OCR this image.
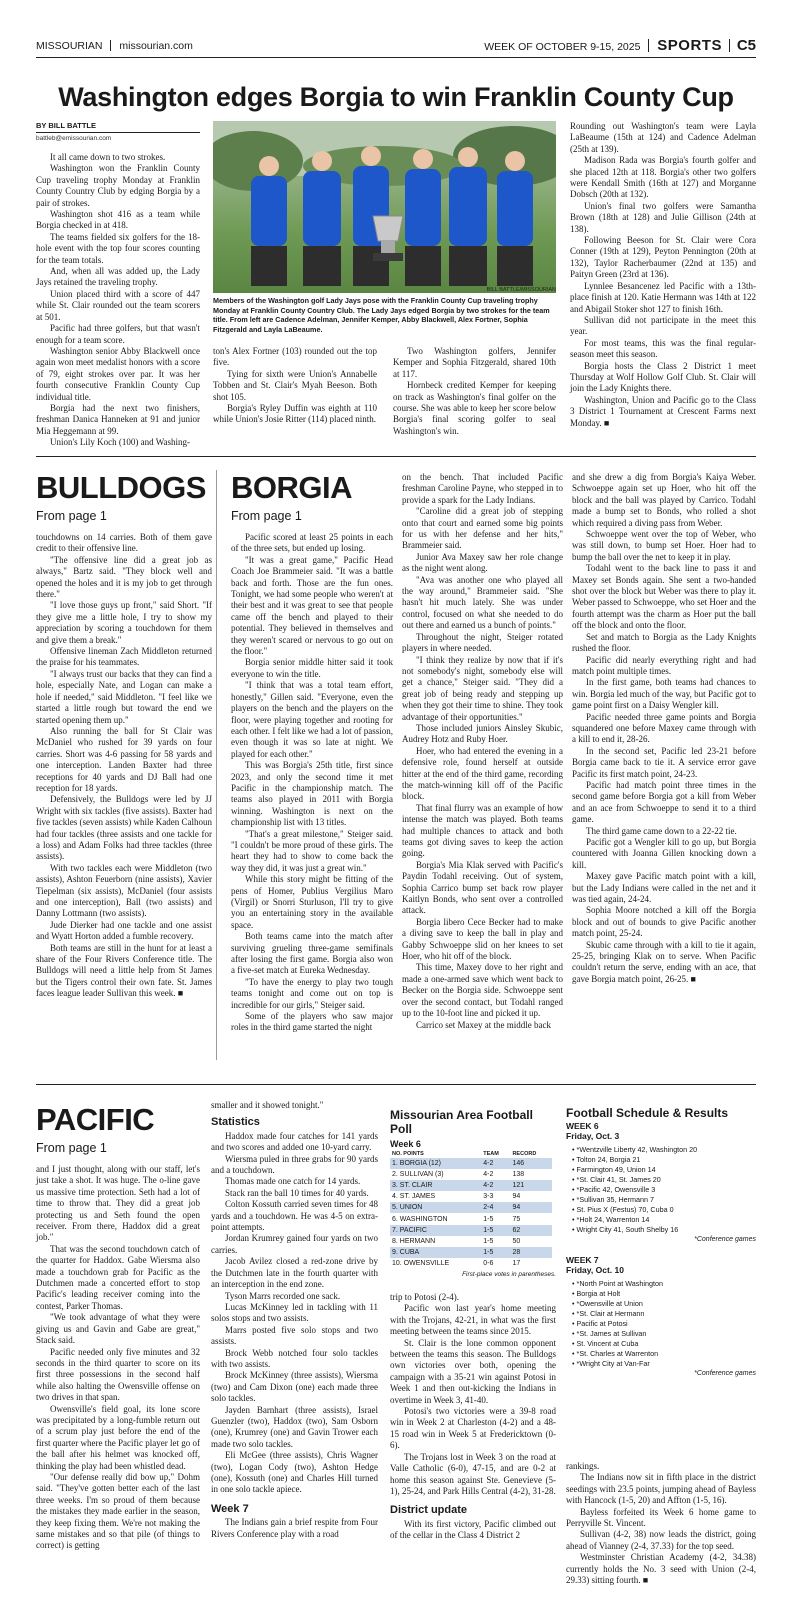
MISSOURIAN missourian.com	WEEK OF OCTOBER 9-15, 2025 SPORTS C5
Washington edges Borgia to win Franklin County Cup
BY BILL BATTLE
battleb@emissourian.com

It all came down to two strokes.

Washington won the Franklin County Cup traveling trophy Monday at Franklin County Country Club by edging Borgia by a pair of strokes.

Washington shot 416 as a team while Borgia checked in at 418.

The teams fielded six golfers for the 18-hole event with the top four scores counting for the team totals.

And, when all was added up, the Lady Jays retained the traveling trophy.

Union placed third with a score of 447 while St. Clair rounded out the team scorers at 501.

Pacific had three golfers, but that wasn't enough for a team score.

Washington senior Abby Blackwell once again won meet medalist honors with a score of 79, eight strokes over par. It was her fourth consecutive Franklin County Cup individual title.

Borgia had the next two finishers, freshman Danica Hanneken at 91 and junior Mia Heggemann at 99.

Union's Lily Koch (100) and Washing-

BILL BATTLE/MISSOURIAN
Members of the Washington golf Lady Jays pose with the Franklin County Cup traveling trophy Monday at Franklin County Country Club. The Lady Jays edged Borgia by two strokes for the team title. From left are Cadence Adelman, Jennifer Kemper, Abby Blackwell, Alex Fortner, Sophia Fitzgerald and Layla LaBeaume.

ton's Alex Fortner (103) rounded out the top five.

Tying for sixth were Union's Annabelle Tobben and St. Clair's Myah Beeson. Both shot 105.

Borgia's Ryley Duffin was eighth at 110 while Union's Josie Ritter (114) placed ninth.

Two Washington golfers, Jennifer Kemper and Sophia Fitzgerald, shared 10th at 117.

Hornbeck credited Kemper for keeping on track as Washington's final golfer on the course. She was able to keep her score below Borgia's final scoring golfer to seal Washington's win.

Rounding out Washington's team were Layla LaBeaume (15th at 124) and Cadence Adelman (25th at 139).

Madison Rada was Borgia's fourth golfer and she placed 12th at 118. Borgia's other two golfers were Kendall Smith (16th at 127) and Morganne Dobsch (20th at 132).

Union's final two golfers were Samantha Brown (18th at 128) and Julie Gillison (24th at 138).

Following Beeson for St. Clair were Cora Conner (19th at 129), Peyton Pennington (20th at 132), Taylor Racherbaumer (22nd at 135) and Paityn Green (23rd at 136).

Lynnlee Besancenez led Pacific with a 13th-place finish at 120. Katie Hermann was 14th at 122 and Abigail Stoker shot 127 to finish 16th.

Sullivan did not participate in the meet this year.

For most teams, this was the final regular-season meet this season.

Borgia hosts the Class 2 District 1 meet Thursday at Wolf Hollow Golf Club. St. Clair will join the Lady Knights there.

Washington, Union and Pacific go to the Class 3 District 1 Tournament at Crescent Farms next Monday. ■

BULLDOGS
From page 1

touchdowns on 14 carries. Both of them gave credit to their offensive line.

"The offensive line did a great job as always," Bartz said. "They block well and opened the holes and it is my job to get through there."

"I love those guys up front," said Short. "If they give me a little hole, I try to show my appreciation by scoring a touchdown for them and give them a break."

Offensive lineman Zach Middleton returned the praise for his teammates.

"I always trust our backs that they can find a hole, especially Nate, and Logan can make a hole if needed," said Middleton. "I feel like we started a little rough but toward the end we started opening them up."

Also running the ball for St Clair was McDaniel who rushed for 39 yards on four carries. Short was 4-6 passing for 58 yards and one interception. Landen Baxter had three receptions for 40 yards and DJ Ball had one reception for 18 yards.

Defensively, the Bulldogs were led by JJ Wright with six tackles (five assists). Baxter had five tackles (seven assists) while Kaden Calhoun had four tackles (three assists and one tackle for a loss) and Adam Folks had three tackles (three assists).

With two tackles each were Middleton (two assists), Ashton Feuerborn (nine assists), Xavier Tiepelman (six assists), McDaniel (four assists and one interception), Ball (two assists) and Danny Lottmann (two assists).

Jude Dierker had one tackle and one assist and Wyatt Horton added a fumble recovery.

Both teams are still in the hunt for at least a share of the Four Rivers Conference title. The Bulldogs will need a little help from St James but the Tigers control their own fate. St. James faces league leader Sullivan this week. ■

BORGIA
From page 1

Pacific scored at least 25 points in each of the three sets, but ended up losing.

"It was a great game," Pacific Head Coach Joe Brammeier said. "It was a battle back and forth. Those are the fun ones. Tonight, we had some people who weren't at their best and it was great to see that people came off the bench and played to their potential. They believed in themselves and they weren't scared or nervous to go out on the floor."

Borgia senior middle hitter said it took everyone to win the title.

"I think that was a total team effort, honestly," Gillen said. "Everyone, even the players on the bench and the players on the floor, were playing together and rooting for each other. I felt like we had a lot of passion, even though it was so late at night. We played for each other."

This was Borgia's 25th title, first since 2023, and only the second time it met Pacific in the championship match. The teams also played in 2011 with Borgia winning. Washington is next on the championship list with 13 titles.

"That's a great milestone," Steiger said. "I couldn't be more proud of these girls. The heart they had to show to come back the way they did, it was just a great win."

While this story might be fitting of the pens of Homer, Publius Vergilius Maro (Virgil) or Snorri Sturluson, I'll try to give you an entertaining story in the available space.

Both teams came into the match after surviving grueling three-game semifinals after losing the first game. Borgia also won a five-set match at Eureka Wednesday.

"To have the energy to play two tough teams tonight and come out on top is incredible for our girls," Steiger said.

Some of the players who saw major roles in the third game started the night

on the bench. That included Pacific freshman Caroline Payne, who stepped in to provide a spark for the Lady Indians.

"Caroline did a great job of stepping onto that court and earned some big points for us with her defense and her hits," Brammeier said.

Junior Ava Maxey saw her role change as the night went along.

"Ava was another one who played all the way around," Brammeier said. "She hasn't hit much lately. She was under control, focused on what she needed to do out there and earned us a bunch of points."

Throughout the night, Steiger rotated players in where needed.

"I think they realize by now that if it's not somebody's night, somebody else will get a chance," Steiger said. "They did a great job of being ready and stepping up when they got their time to shine. They took advantage of their opportunities."

Those included juniors Ainsley Skubic, Audrey Hotz and Ruby Hoer.

Hoer, who had entered the evening in a defensive role, found herself at outside hitter at the end of the third game, recording the match-winning kill off of the Pacific block.

That final flurry was an example of how intense the match was played. Both teams had multiple chances to attack and both teams got diving saves to keep the action going.

Borgia's Mia Klak served with Pacific's Paydin Todahl receiving. Out of system, Sophia Carrico bump set back row player Kaitlyn Bonds, who sent over a controlled attack.

Borgia libero Cece Becker had to make a diving save to keep the ball in play and Gabby Schwoeppe slid on her knees to set Hoer, who hit off of the block.

This time, Maxey dove to her right and made a one-armed save which went back to Becker on the Borgia side. Schwoeppe sent over the second contact, but Todahl ranged up to the 10-foot line and picked it up.

Carrico set Maxey at the middle back

and she drew a dig from Borgia's Kaiya Weber. Schwoeppe again set up Hoer, who hit off the block and the ball was played by Carrico. Todahl made a bump set to Bonds, who rolled a shot which required a diving pass from Weber.

Schwoeppe went over the top of Weber, who was still down, to bump set Hoer. Hoer had to bump the ball over the net to keep it in play.

Todahl went to the back line to pass it and Maxey set Bonds again. She sent a two-handed shot over the block but Weber was there to play it. Weber passed to Schwoeppe, who set Hoer and the fourth attempt was the charm as Hoer put the ball off the block and onto the floor.

Set and match to Borgia as the Lady Knights rushed the floor.

Pacific did nearly everything right and had match point multiple times.

In the first game, both teams had chances to win. Borgia led much of the way, but Pacific got to game point first on a Daisy Wengler kill.

Pacific needed three game points and Borgia squandered one before Maxey came through with a kill to end it, 28-26.

In the second set, Pacific led 23-21 before Borgia came back to tie it. A service error gave Pacific its first match point, 24-23.

Pacific had match point three times in the second game before Borgia got a kill from Weber and an ace from Schwoeppe to send it to a third game.

The third game came down to a 22-22 tie.

Pacific got a Wengler kill to go up, but Borgia countered with Joanna Gillen knocking down a kill.

Maxey gave Pacific match point with a kill, but the Lady Indians were called in the net and it was tied again, 24-24.

Sophia Moore notched a kill off the Borgia block and out of bounds to give Pacific another match point, 25-24.

Skubic came through with a kill to tie it again, 25-25, bringing Klak on to serve. When Pacific couldn't return the serve, ending with an ace, that gave Borgia match point, 26-25. ■

PACIFIC
From page 1

and I just thought, along with our staff, let's just take a shot. It was huge. The o-line gave us massive time protection. Seth had a lot of time to throw that. They did a great job protecting us and Seth found the open receiver. From there, Haddox did a great job."

That was the second touchdown catch of the quarter for Haddox. Gabe Wiersma also made a touchdown grab for Pacific as the Dutchmen made a concerted effort to stop Pacific's leading receiver coming into the contest, Parker Thomas.

"We took advantage of what they were giving us and Gavin and Gabe are great," Stack said.

Pacific needed only five minutes and 32 seconds in the third quarter to score on its first three possessions in the second half while also halting the Owensville offense on two drives in that span.

Owensville's field goal, its lone score was precipitated by a long-fumble return out of a scrum play just before the end of the first quarter where the Pacific player let go of the ball after his helmet was knocked off, thinking the play had been whistled dead.

"Our defense really did bow up," Dohm said. "They've gotten better each of the last three weeks. I'm so proud of them because the mistakes they made earlier in the season, they keep fixing them. We're not making the same mistakes and so that pile (of things to correct) is getting

smaller and it showed tonight."
Statistics

Haddox made four catches for 141 yards and two scores and added one 10-yard carry.

Wiersma puled in three grabs for 90 yards and a touchdown.

Thomas made one catch for 14 yards.

Stack ran the ball 10 times for 40 yards.

Colton Kossuth carried seven times for 48 yards and a touchdown. He was 4-5 on extra-point attempts.

Jordan Krumrey gained four yards on two carries.

Jacob Avilez closed a red-zone drive by the Dutchmen late in the fourth quarter with an interception in the end zone.

Tyson Marrs recorded one sack.

Lucas McKinney led in tackling with 11 solos stops and two assists.

Marrs posted five solo stops and two assists.

Brock Webb notched four solo tackles with two assists.

Brock McKinney (three assists), Wiersma (two) and Cam Dixon (one) each made three solo tackles.

Jayden Barnhart (three assists), Israel Guenzler (two), Haddox (two), Sam Osborn (one), Krumrey (one) and Gavin Trower each made two solo tackles.

Eli McGee (three assists), Chris Wagner (two), Logan Cody (two), Ashton Hedge (one), Kossuth (one) and Charles Hill turned in one solo tackle apiece.

Week 7

The Indians gain a brief respite from Four Rivers Conference play with a road

Missourian Area Football Poll
Week 6
NO. POINTS	TEAM	RECORD
1. BORGIA (12)	4-2	146
2. SULLIVAN (3)	4-2	138
3. ST. CLAIR	4-2	121
4. ST. JAMES	3-3	94
5. UNION	2-4	94
6. WASHINGTON	1-5	75
7. PACIFIC	1-5	62
8. HERMANN	1-5	50
9. CUBA	1-5	28
10. OWENSVILLE	0-6	17
First-place votes in parentheses.

trip to Potosi (2-4).

Pacific won last year's home meeting with the Trojans, 42-21, in what was the first meeting between the teams since 2015.

St. Clair is the lone common opponent between the teams this season. The Bulldogs own victories over both, opening the campaign with a 35-21 win against Potosi in Week 1 and then out-kicking the Indians in overtime in Week 3, 41-40.

Potosi's two victories were a 39-8 road win in Week 2 at Charleston (4-2) and a 48-15 road win in Week 5 at Fredericktown (0-6).

The Trojans lost in Week 3 on the road at Valle Catholic (6-0), 47-15, and are 0-2 at home this season against Ste. Genevieve (5-1), 25-24, and Park Hills Central (4-2), 31-28.

District update

With its first victory, Pacific climbed out of the cellar in the Class 4 District 2

Football Schedule & Results
WEEK 6
Friday, Oct. 3
• *Wentzville Liberty 42, Washington 20
• Tolton 24, Borgia 21
• Farmington 49, Union 14
• *St. Clair 41, St. James 20
• *Pacific 42, Owensville 3
• *Sullivan 35, Hermann 7
• St. Pius X (Festus) 70, Cuba 0
• *Holt 24, Warrenton 14
• Wright City 41, South Shelby 16
*Conference games
WEEK 7
Friday, Oct. 10
• *North Point at Washington
• Borgia at Holt
• *Owensville at Union
• *St. Clair at Hermann
• Pacific at Potosi
• *St. James at Sullivan
• St. Vincent at Cuba
• *St. Charles at Warrenton
• *Wright City at Van-Far
*Conference games

rankings.

The Indians now sit in fifth place in the district seedings with 23.5 points, jumping ahead of Bayless with Hancock (1-5, 20) and Affton (1-5, 16).

Bayless forfeited its Week 6 home game to Perryville St. Vincent.

Sullivan (4-2, 38) now leads the district, going ahead of Vianney (2-4, 37.33) for the top seed.

Westminster Christian Academy (4-2, 34.38) currently holds the No. 3 seed with Union (2-4, 29.33) sitting fourth. ■
